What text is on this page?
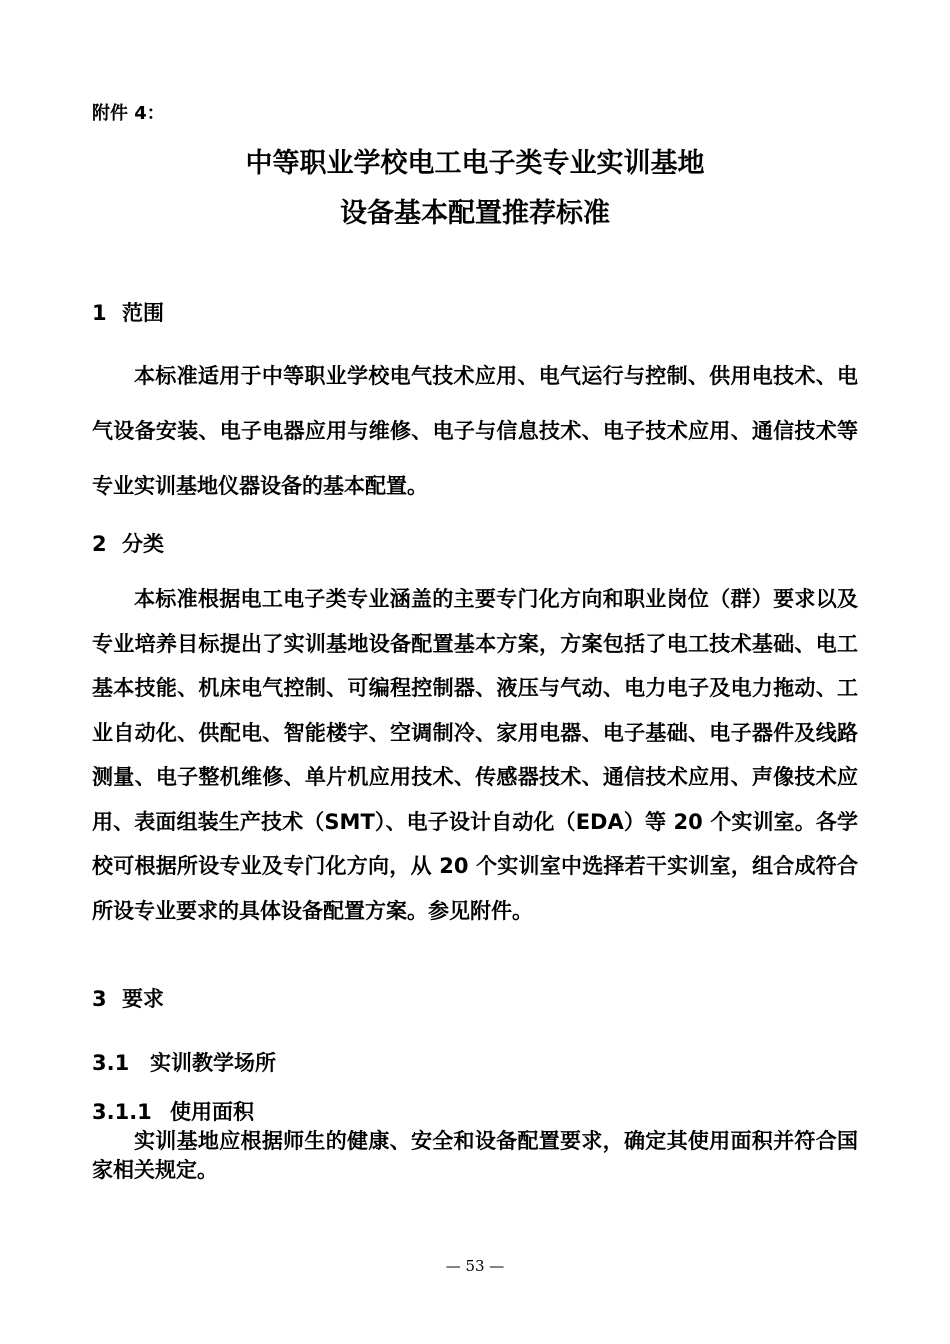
附件 4：
中等职业学校电工电子类专业实训基地
设备基本配置推荐标准
1 范围
本标准适用于中等职业学校电气技术应用、电气运行与控制、供用电技术、电气设备安装、电子电器应用与维修、电子与信息技术、电子技术应用、通信技术等专业实训基地仪器设备的基本配置。
2 分类
本标准根据电工电子类专业涵盖的主要专门化方向和职业岗位（群）要求以及专业培养目标提出了实训基地设备配置基本方案，方案包括了电工技术基础、电工基本技能、机床电气控制、可编程控制器、液压与气动、电力电子及电力拖动、工业自动化、供配电、智能楼宇、空调制冷、家用电器、电子基础、电子器件及线路测量、电子整机维修、单片机应用技术、传感器技术、通信技术应用、声像技术应用、表面组装生产技术（SMT）、电子设计自动化（EDA）等 20 个实训室。各学校可根据所设专业及专门化方向，从 20 个实训室中选择若干实训室，组合成符合所设专业要求的具体设备配置方案。参见附件。
3 要求
3.1 实训教学场所
3.1.1 使用面积
实训基地应根据师生的健康、安全和设备配置要求，确定其使用面积并符合国家相关规定。
— 53 —
